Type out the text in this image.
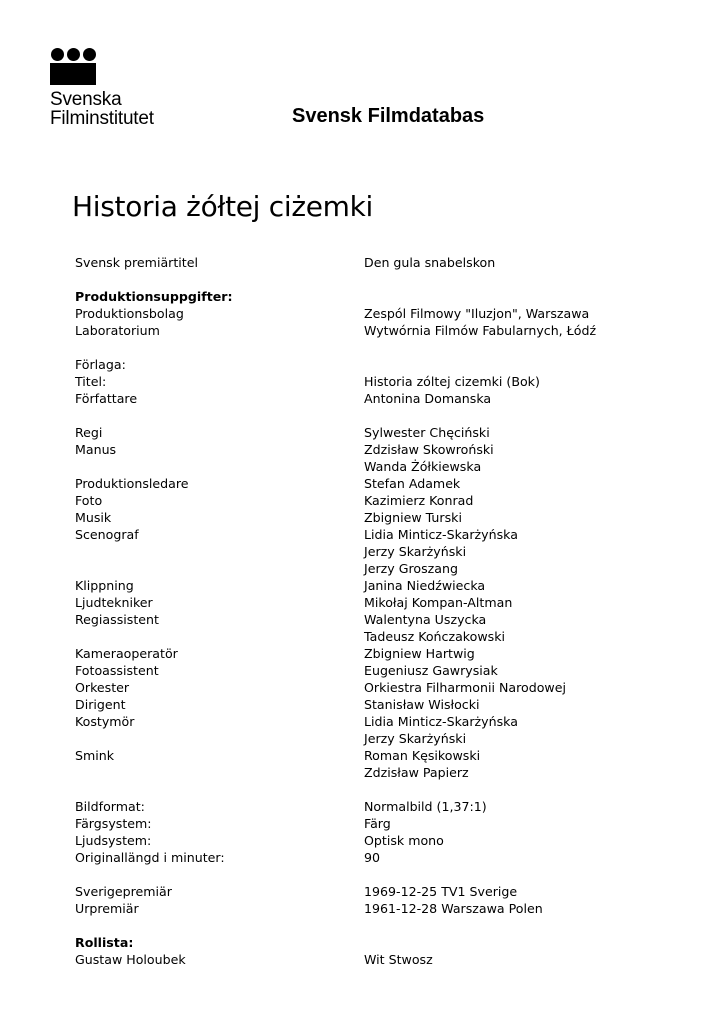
Svenska
Filminstitutet	Svensk Filmdatabas
Historia żółtej ciżemki
Svensk premiärtitel	Den gula snabelskon
Produktionsuppgifter:
Produktionsbolag	Zespól Filmowy "Iluzjon", Warszawa
Laboratorium	Wytwórnia Filmów Fabularnych, Łódź
Förlaga:
Titel:	Historia zóltej cizemki (Bok)
Författare	Antonina Domanska
Regi	Sylwester Chęciński
Manus	Zdzisław Skowroński
Wanda Żółkiewska
Produktionsledare	Stefan Adamek
Foto	Kazimierz Konrad
Musik	Zbigniew Turski
Scenograf	Lidia Minticz-Skarżyńska
Jerzy Skarżyński
Jerzy Groszang
Klippning	Janina Niedźwiecka
Ljudtekniker	Mikołaj Kompan-Altman
Regiassistent	Walentyna Uszycka
Tadeusz Kończakowski
Kameraoperatör	Zbigniew Hartwig
Fotoassistent	Eugeniusz Gawrysiak
Orkester	Orkiestra Filharmonii Narodowej
Dirigent	Stanisław Wisłocki
Kostymör	Lidia Minticz-Skarżyńska
Jerzy Skarżyński
Smink	Roman Kęsikowski
Zdzisław Papierz
Bildformat:	Normalbild (1,37:1)
Färgsystem:	Färg
Ljudsystem:	Optisk mono
Originallängd i minuter:	90
Sverigepremiär	1969-12-25 TV1 Sverige
Urpremiär	1961-12-28 Warszawa Polen
Rollista:
Gustaw Holoubek	Wit Stwosz
